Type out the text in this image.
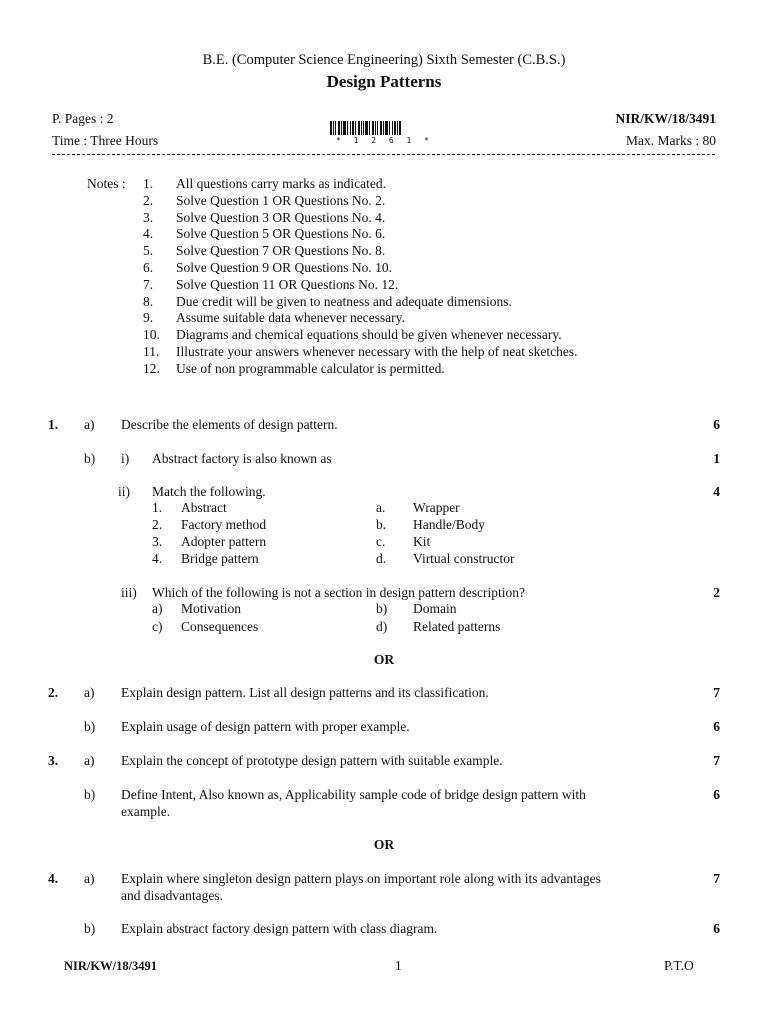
B.E. (Computer Science Engineering) Sixth Semester (C.B.S.)
Design Patterns
P. Pages : 2	NIR/KW/18/3491
Time : Three Hours	Max. Marks : 80
* 1 2 6 1 *
Notes : 1. All questions carry marks as indicated.
2. Solve Question 1 OR Questions No. 2.
3. Solve Question 3 OR Questions No. 4.
4. Solve Question 5 OR Questions No. 6.
5. Solve Question 7 OR Questions No. 8.
6. Solve Question 9 OR Questions No. 10.
7. Solve Question 11 OR Questions No. 12.
8. Due credit will be given to neatness and adequate dimensions.
9. Assume suitable data whenever necessary.
10. Diagrams and chemical equations should be given whenever necessary.
11. Illustrate your answers whenever necessary with the help of neat sketches.
12. Use of non programmable calculator is permitted.
1. a) Describe the elements of design pattern.	6
b) i) Abstract factory is also known as	1
ii) Match the following.	4
1. Abstract	a. Wrapper
2. Factory method	b. Handle/Body
3. Adopter pattern	c. Kit
4. Bridge pattern	d. Virtual constructor
iii) Which of the following is not a section in design pattern description?	2
a) Motivation	b) Domain
c) Consequences	d) Related patterns
OR
2. a) Explain design pattern. List all design patterns and its classification.	7
b) Explain usage of design pattern with proper example.	6
3. a) Explain the concept of prototype design pattern with suitable example.	7
b) Define Intent, Also known as, Applicability sample code of bridge design pattern with
example.
6
OR
4. a) Explain where singleton design pattern plays on important role along with its advantages
and disadvantages.
7
b) Explain abstract factory design pattern with class diagram.	6
NIR/KW/18/3491	1	P.T.O
